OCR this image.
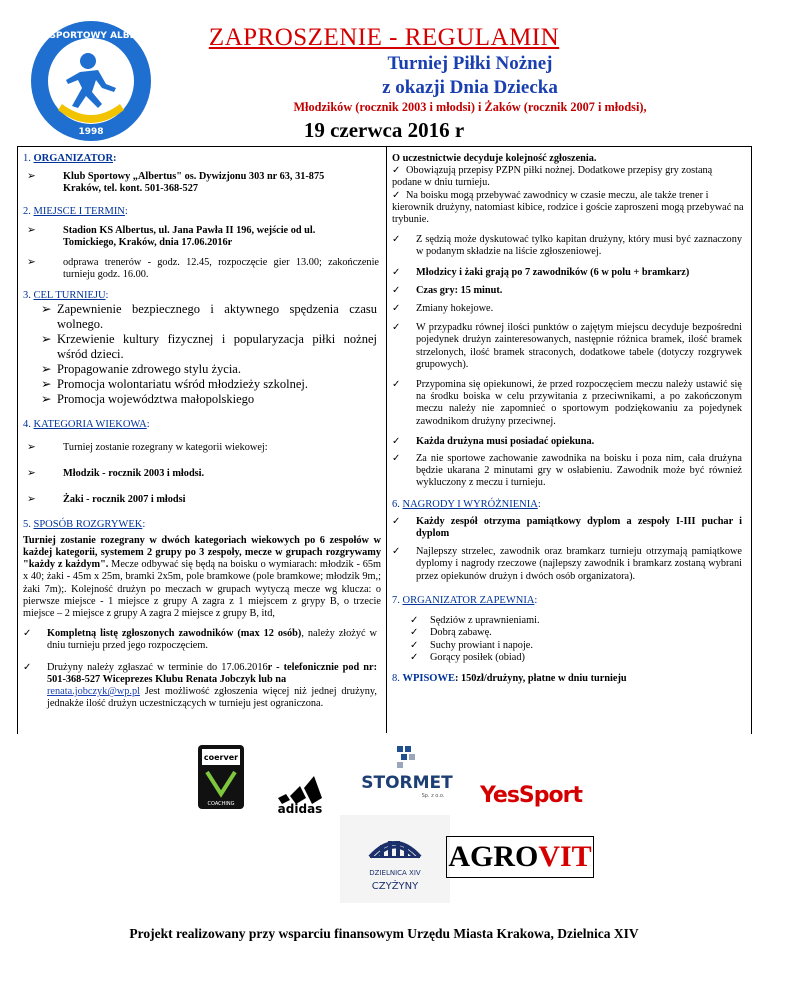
KLUB SPORTOWY ALBERTUS
1998
ZAPROSZENIE - REGULAMIN
Turniej Piłki Nożnej
z okazji Dnia Dziecka
Młodzików (rocznik 2003 i młodsi) i Żaków (rocznik 2007 i młodsi),
19 czerwca 2016 r
1. ORGANIZATOR:
➢	Klub Sportowy „Albertus" os. Dywizjonu 303 nr 63, 31-875 Kraków, tel. kont. 501-368-527
2. MIEJSCE I TERMIN:
➢	Stadion KS Albertus, ul. Jana Pawła II 196, wejście od ul. Tomickiego, Kraków, dnia 17.06.2016r
➢	odprawa trenerów - godz. 12.45, rozpoczęcie gier 13.00; zakończenie turnieju godz. 16.00.
3. CEL TURNIEJU:
➢ Zapewnienie bezpiecznego i aktywnego spędzenia czasu wolnego.
➢ Krzewienie kultury fizycznej i popularyzacja piłki nożnej wśród dzieci.
➢ Propagowanie zdrowego stylu życia.
➢ Promocja wolontariatu wśród młodzieży szkolnej.
➢ Promocja województwa małopolskiego
4. KATEGORIA WIEKOWA:
➢	Turniej zostanie rozegrany w kategorii wiekowej:
➢	Młodzik - rocznik 2003 i młodsi.
➢	Żaki - rocznik 2007 i młodsi
5. SPOSÓB ROZGRYWEK:
Turniej zostanie rozegrany w dwóch kategoriach wiekowych po 6 zespołów w każdej kategorii, systemem 2 grupy po 3 zespoły, mecze w grupach rozgrywamy "każdy z każdym". Mecze odbywać się będą na boisku o wymiarach: młodzik - 65m x 40; żaki - 45m x 25m, bramki 2x5m, pole bramkowe (pole bramkowe; młodzik 9m,; żaki 7m);. Kolejność drużyn po meczach w grupach wytyczą mecze wg klucza: o pierwsze miejsce - 1 miejsce z grupy A zagra z 1 miejscem z grypy B, o trzecie miejsce – 2 miejsce z grupy A zagra 2 miejsce z grupy B, itd,
✓	Kompletną listę zgłoszonych zawodników (max 12 osób), należy złożyć w dniu turnieju przed jego rozpoczęciem.
✓	Drużyny należy zgłaszać w terminie do 17.06.2016r - telefonicznie pod nr: 501-368-527 Wiceprezes Klubu Renata Jobczyk lub na
renata.jobczyk@wp.pl Jest możliwość zgłoszenia więcej niż jednej drużyny, jednakże ilość drużyn uczestniczących w turnieju jest ograniczona.
O uczestnictwie decyduje kolejność zgłoszenia.
✓ Obowiązują przepisy PZPN piłki nożnej. Dodatkowe przepisy gry zostaną podane w dniu turnieju.
✓ Na boisku mogą przebywać zawodnicy w czasie meczu, ale także trener i kierownik drużyny, natomiast kibice, rodzice i goście zaproszeni mogą przebywać na trybunie.
✓	Z sędzią może dyskutować tylko kapitan drużyny, który musi być zaznaczony w podanym składzie na liście zgłoszeniowej.
✓	Młodzicy i żaki grają po 7 zawodników (6 w polu + bramkarz)
✓	Czas gry: 15 minut.
✓	Zmiany hokejowe.
✓	W przypadku równej ilości punktów o zajętym miejscu decyduje bezpośredni pojedynek drużyn zainteresowanych, następnie różnica bramek, ilość bramek strzelonych, ilość bramek straconych, dodatkowe tabele (dotyczy rozgrywek grupowych).
✓	Przypomina się opiekunowi, że przed rozpoczęciem meczu należy ustawić się na środku boiska w celu przywitania z przeciwnikami, a po zakończonym meczu należy nie zapomnieć o sportowym podziękowaniu za pojedynek zawodnikom drużyny przeciwnej.
✓	Każda drużyna musi posiadać opiekuna.
✓	Za nie sportowe zachowanie zawodnika na boisku i poza nim, cała drużyna będzie ukarana 2 minutami gry w osłabieniu. Zawodnik może być również wykluczony z meczu i turnieju.
6. NAGRODY I WYRÓŻNIENIA:
✓	Każdy zespół otrzyma pamiątkowy dyplom a zespoły I-III puchar i dyplom
✓	Najlepszy strzelec, zawodnik oraz bramkarz turnieju otrzymają pamiątkowe dyplomy i nagrody rzeczowe (najlepszy zawodnik i bramkarz zostaną wybrani przez opiekunów drużyn i dwóch osób organizatora).
7. ORGANIZATOR ZAPEWNIA:
✓ Sędziów z uprawnieniami.
✓ Dobrą zabawę.
✓ Suchy prowiant i napoje.
✓ Gorący posiłek (obiad)
8. WPISOWE: 150zł/drużyny, płatne w dniu turnieju
coerver
COACHING	adidas
STORMET
Sp. z o.o. YesSport
DZIELNICA XIV
CZYŻYNY
AGROVIT
Projekt realizowany przy wsparciu finansowym Urzędu Miasta Krakowa, Dzielnica XIV
